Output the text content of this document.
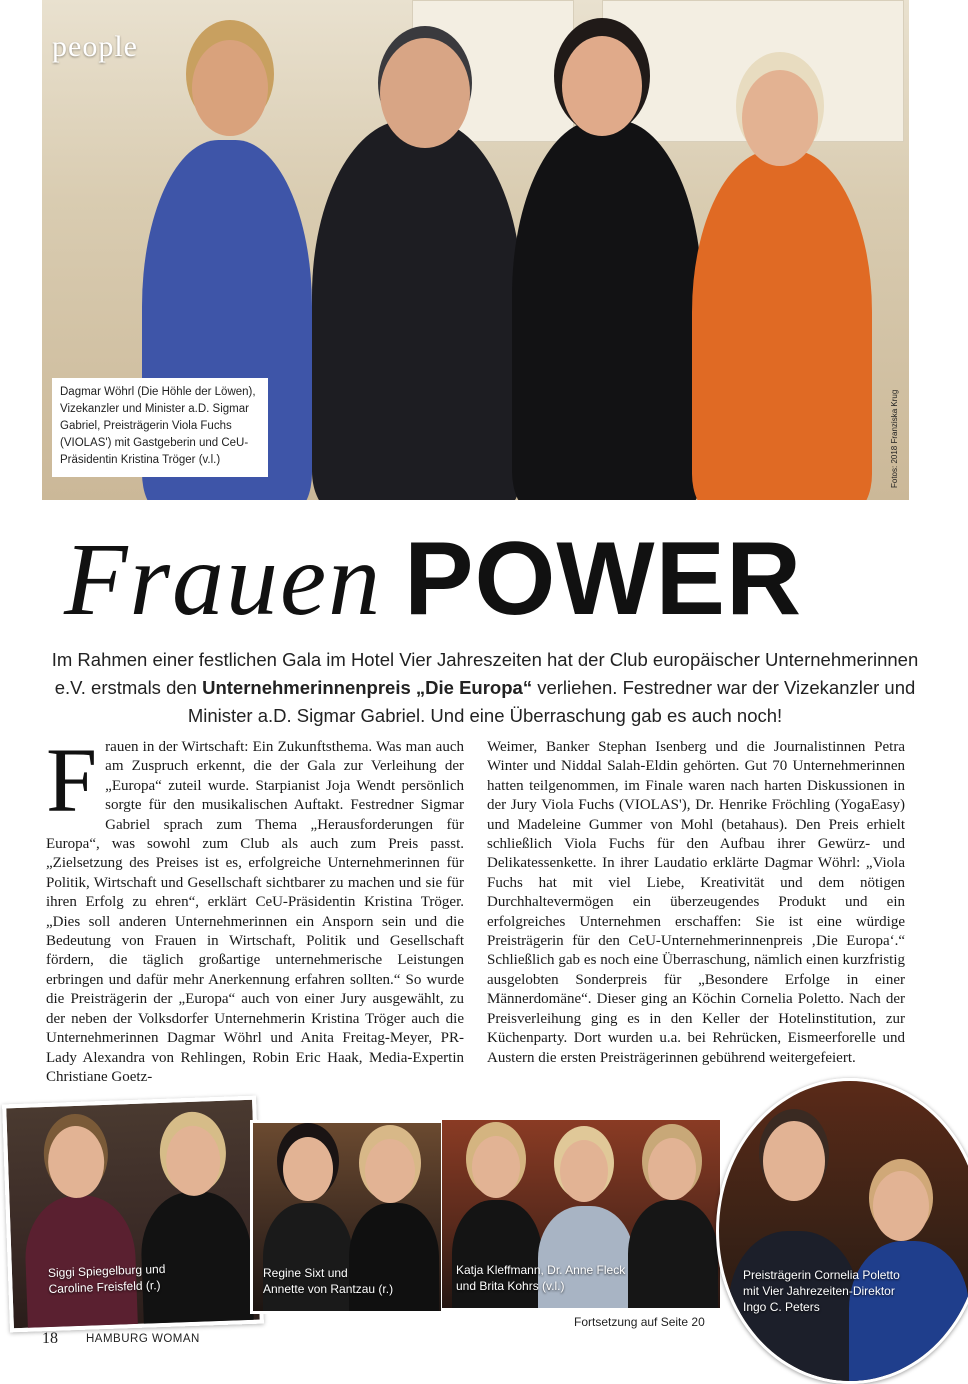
people
Dagmar Wöhrl (Die Höhle der Löwen), Vizekanzler und Minister a.D. Sigmar Gabriel, Preisträgerin Viola Fuchs (VIOLAS') mit Gastgeberin und CeU-Präsidentin Kristina Tröger (v.l.)	Fotos: 2018 Franziska Krug
Frauen POWER
Im Rahmen einer festlichen Gala im Hotel Vier Jahreszeiten hat der Club europäischer Unternehmerinnen e.V. erstmals den Unternehmerinnenpreis „Die Europa“ verliehen. Festredner war der Vizekanzler und Minister a.D. Sigmar Gabriel. Und eine Überraschung gab es auch noch!
Frauen in der Wirtschaft: Ein Zukunftsthema. Was man auch am Zuspruch erkennt, die der Gala zur Verleihung der „Europa“ zuteil wurde. Starpianist Joja Wendt persönlich sorgte für den musikalischen Auftakt. Festredner Sigmar Gabriel sprach zum Thema „Herausforderungen für Europa“, was sowohl zum Club als auch zum Preis passt. „Zielsetzung des Preises ist es, erfolgreiche Unternehmerinnen für Politik, Wirtschaft und Gesellschaft sichtbarer zu machen und sie für ihren Erfolg zu ehren“, erklärt CeU-Präsidentin Kristina Tröger. „Dies soll anderen Unternehmerinnen ein Ansporn sein und die Bedeutung von Frauen in Wirtschaft, Politik und Gesellschaft fördern, die täglich großartige unternehmerische Leistungen erbringen und dafür mehr Anerkennung erfahren sollten.“ So wurde die Preisträgerin der „Europa“ auch von einer Jury ausgewählt, zu der neben der Volksdorfer Unternehmerin Kristina Tröger auch die Unternehmerinnen Dagmar Wöhrl und Anita Freitag-Meyer, PR-Lady Alexandra von Rehlingen, Robin Eric Haak, Media-Expertin Christiane Goetz-
Weimer, Banker Stephan Isenberg und die Journalistinnen Petra Winter und Niddal Salah-Eldin gehörten. Gut 70 Unternehmerinnen hatten teilgenommen, im Finale waren nach harten Diskussionen in der Jury Viola Fuchs (VIOLAS'), Dr. Henrike Fröchling (YogaEasy) und Madeleine Gummer von Mohl (betahaus). Den Preis erhielt schließlich Viola Fuchs für den Aufbau ihrer Gewürz- und Delikatessenkette. In ihrer Laudatio erklärte Dagmar Wöhrl: „Viola Fuchs hat mit viel Liebe, Kreativität und dem nötigen Durchhaltevermögen ein überzeugendes Produkt und ein erfolgreiches Unternehmen erschaffen: Sie ist eine würdige Preisträgerin für den CeU-Unternehmerinnenpreis ‚Die Europa‘.“ Schließlich gab es noch eine Überraschung, nämlich einen kurzfristig ausgelobten Sonderpreis für „Besondere Erfolge in einer Männerdomäne“. Dieser ging an Köchin Cornelia Poletto. Nach der Preisverleihung ging es in den Keller der Hotelinstitution, zur Küchenparty. Dort wurden u.a. bei Rehrücken, Eismeerforelle und Austern die ersten Preisträgerinnen gebührend weitergefeiert.
Siggi Spiegelburg und
Caroline Freisfeld (r.)
Regine Sixt und
Annette von Rantzau (r.)
Katja Kleffmann, Dr. Anne Fleck
und Brita Kohrs (v.l.)
Preisträgerin Cornelia Poletto
mit Vier Jahrezeiten-Direktor
Ingo C. Peters
Fortsetzung auf Seite 20
18 HAMBURG WOMAN
